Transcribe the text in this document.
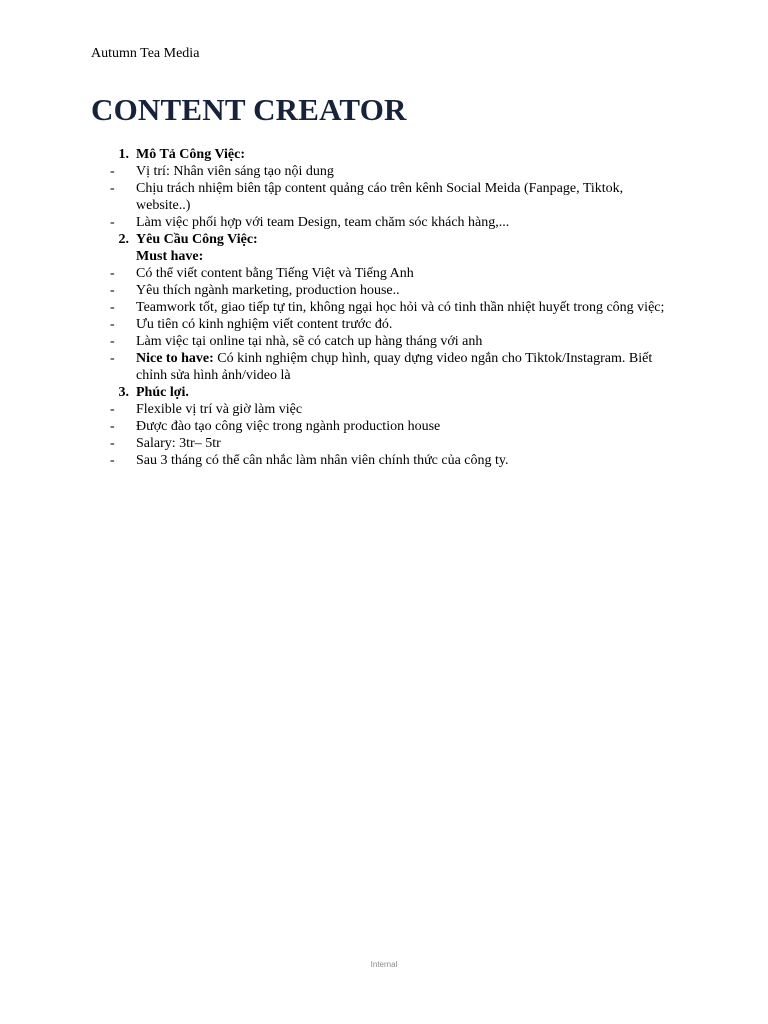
Autumn Tea Media
CONTENT CREATOR
1. Mô Tả Công Việc:
-	Vị trí: Nhân viên sáng tạo nội dung
-	Chịu trách nhiệm biên tập content quảng cáo trên kênh Social Meida (Fanpage, Tiktok, website..)
-	Làm việc phối hợp với team Design, team chăm sóc khách hàng,...
2. Yêu Cầu Công Việc:
Must have:
-	Có thể viết content bằng Tiếng Việt và Tiếng Anh
-	Yêu thích ngành marketing, production house..
-	Teamwork tốt, giao tiếp tự tin, không ngại học hỏi và có tinh thần nhiệt huyết trong công việc;
-	Ưu tiên có kinh nghiệm viết content trước đó.
-	Làm việc tại online tại nhà, sẽ có catch up hàng tháng với anh
-	Nice to have: Có kinh nghiệm chụp hình, quay dựng video ngắn cho Tiktok/Instagram. Biết chỉnh sửa hình ảnh/video là
3. Phúc lợi.
-	Flexible vị trí và giờ làm việc
-	Được đào tạo công việc trong ngành production house
-	Salary: 3tr– 5tr
-	Sau 3 tháng có thể cân nhắc làm nhân viên chính thức của công ty.
Internal
